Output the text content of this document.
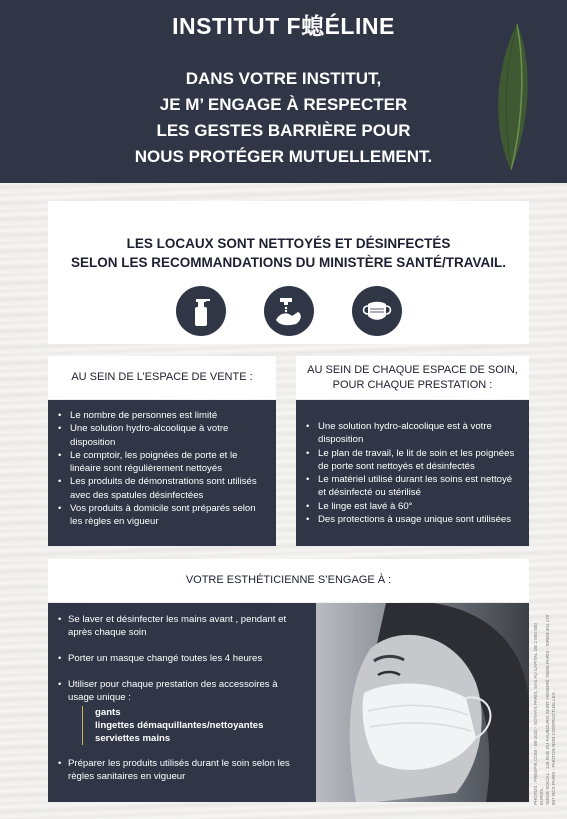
INSTITUT F螅ÉLINE
DANS VOTRE INSTITUT,
JE M’ ENGAGE À RESPECTER
LES GESTES BARRIÈRE POUR
NOUS PROTÉGER MUTUELLEMENT.
LES LOCAUX SONT NETTOYÉS ET DÉSINFECTÉS
SELON LES RECOMMANDATIONS DU MINISTÈRE SANTÉ/TRAVAIL.
AU SEIN DE L’ESPACE DE VENTE :
• Le nombre de personnes est limité
• Une solution hydro-alcoolique à votre disposition
• Le comptoir, les poignées de porte et le linéaire sont régulièrement nettoyés
• Les produits de démonstrations sont utilisés avec des spatules désinfectées
• Vos produits à domicile sont préparés selon les règles en vigueur
AU SEIN DE CHAQUE ESPACE DE SOIN,
POUR CHAQUE PRESTATION :
• Une solution hydro-alcoolique est à votre disposition
• Le plan de travail, le lit de soin et les poignées de porte sont nettoyés et désinfectés
• Le matériel utilisé durant les soins est nettoyé et désinfecté ou stérilisé
• Le linge est lavé à 60°
• Des protections à usage unique sont utilisées
VOTRE ESTHÉTICIENNE S’ENGAGE À :
• Se laver et désinfecter les mains avant , pendant et après chaque soin
• Porter un masque changé toutes les 4 heures
• Utiliser pour chaque prestation des accessoires à usage unique :
gants
lingettes démaquillantes/nettoyantes
serviettes mains
• Préparer les produits utilisés durant le soin selon les règles sanitaires en vigueur	PHOTOS : FREEPIK.COM - 08-2020 - SOTHYS PARIS, SAS AU CAPITAL DE 2 500 000 EUROS, SIÈGE SOCIAL : 128 RUE DU FAUBOURG SAINT HONORÉ 75008 PARIS - SIREN 401 170 807 RCS PARIS - PHOTOS NON CONTRACTUELLES
